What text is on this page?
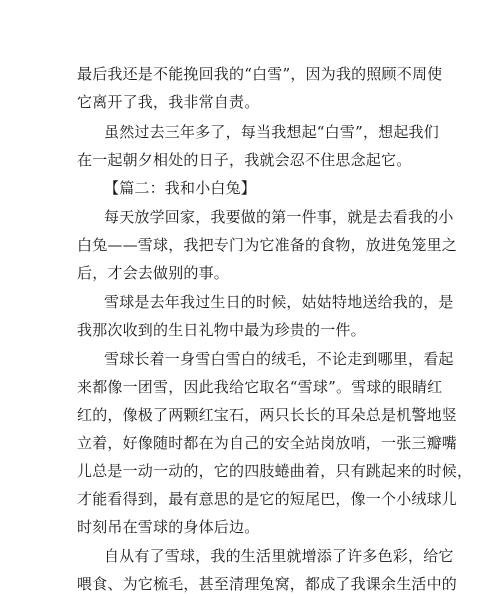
最后我还是不能挽回我的“白雪”，因为我的照顾不周使
它离开了我，我非常自责。
虽然过去三年多了，每当我想起“白雪”，想起我们
在一起朝夕相处的日子，我就会忍不住思念起它。
【篇二：我和小白兔】
每天放学回家，我要做的第一件事，就是去看我的小
白兔——雪球，我把专门为它准备的食物，放进兔笼里之
后，才会去做别的事。
雪球是去年我过生日的时候，姑姑特地送给我的，是
我那次收到的生日礼物中最为珍贵的一件。
雪球长着一身雪白雪白的绒毛，不论走到哪里，看起
来都像一团雪，因此我给它取名“雪球”。雪球的眼睛红
红的，像极了两颗红宝石，两只长长的耳朵总是机警地竖
立着，好像随时都在为自己的安全站岗放哨，一张三瓣嘴
儿总是一动一动的，它的四肢蜷曲着，只有跳起来的时候，
才能看得到，最有意思的是它的短尾巴，像一个小绒球儿
时刻吊在雪球的身体后边。
自从有了雪球，我的生活里就增添了许多色彩，给它
喂食、为它梳毛，甚至清理兔窝，都成了我课余生活中的
